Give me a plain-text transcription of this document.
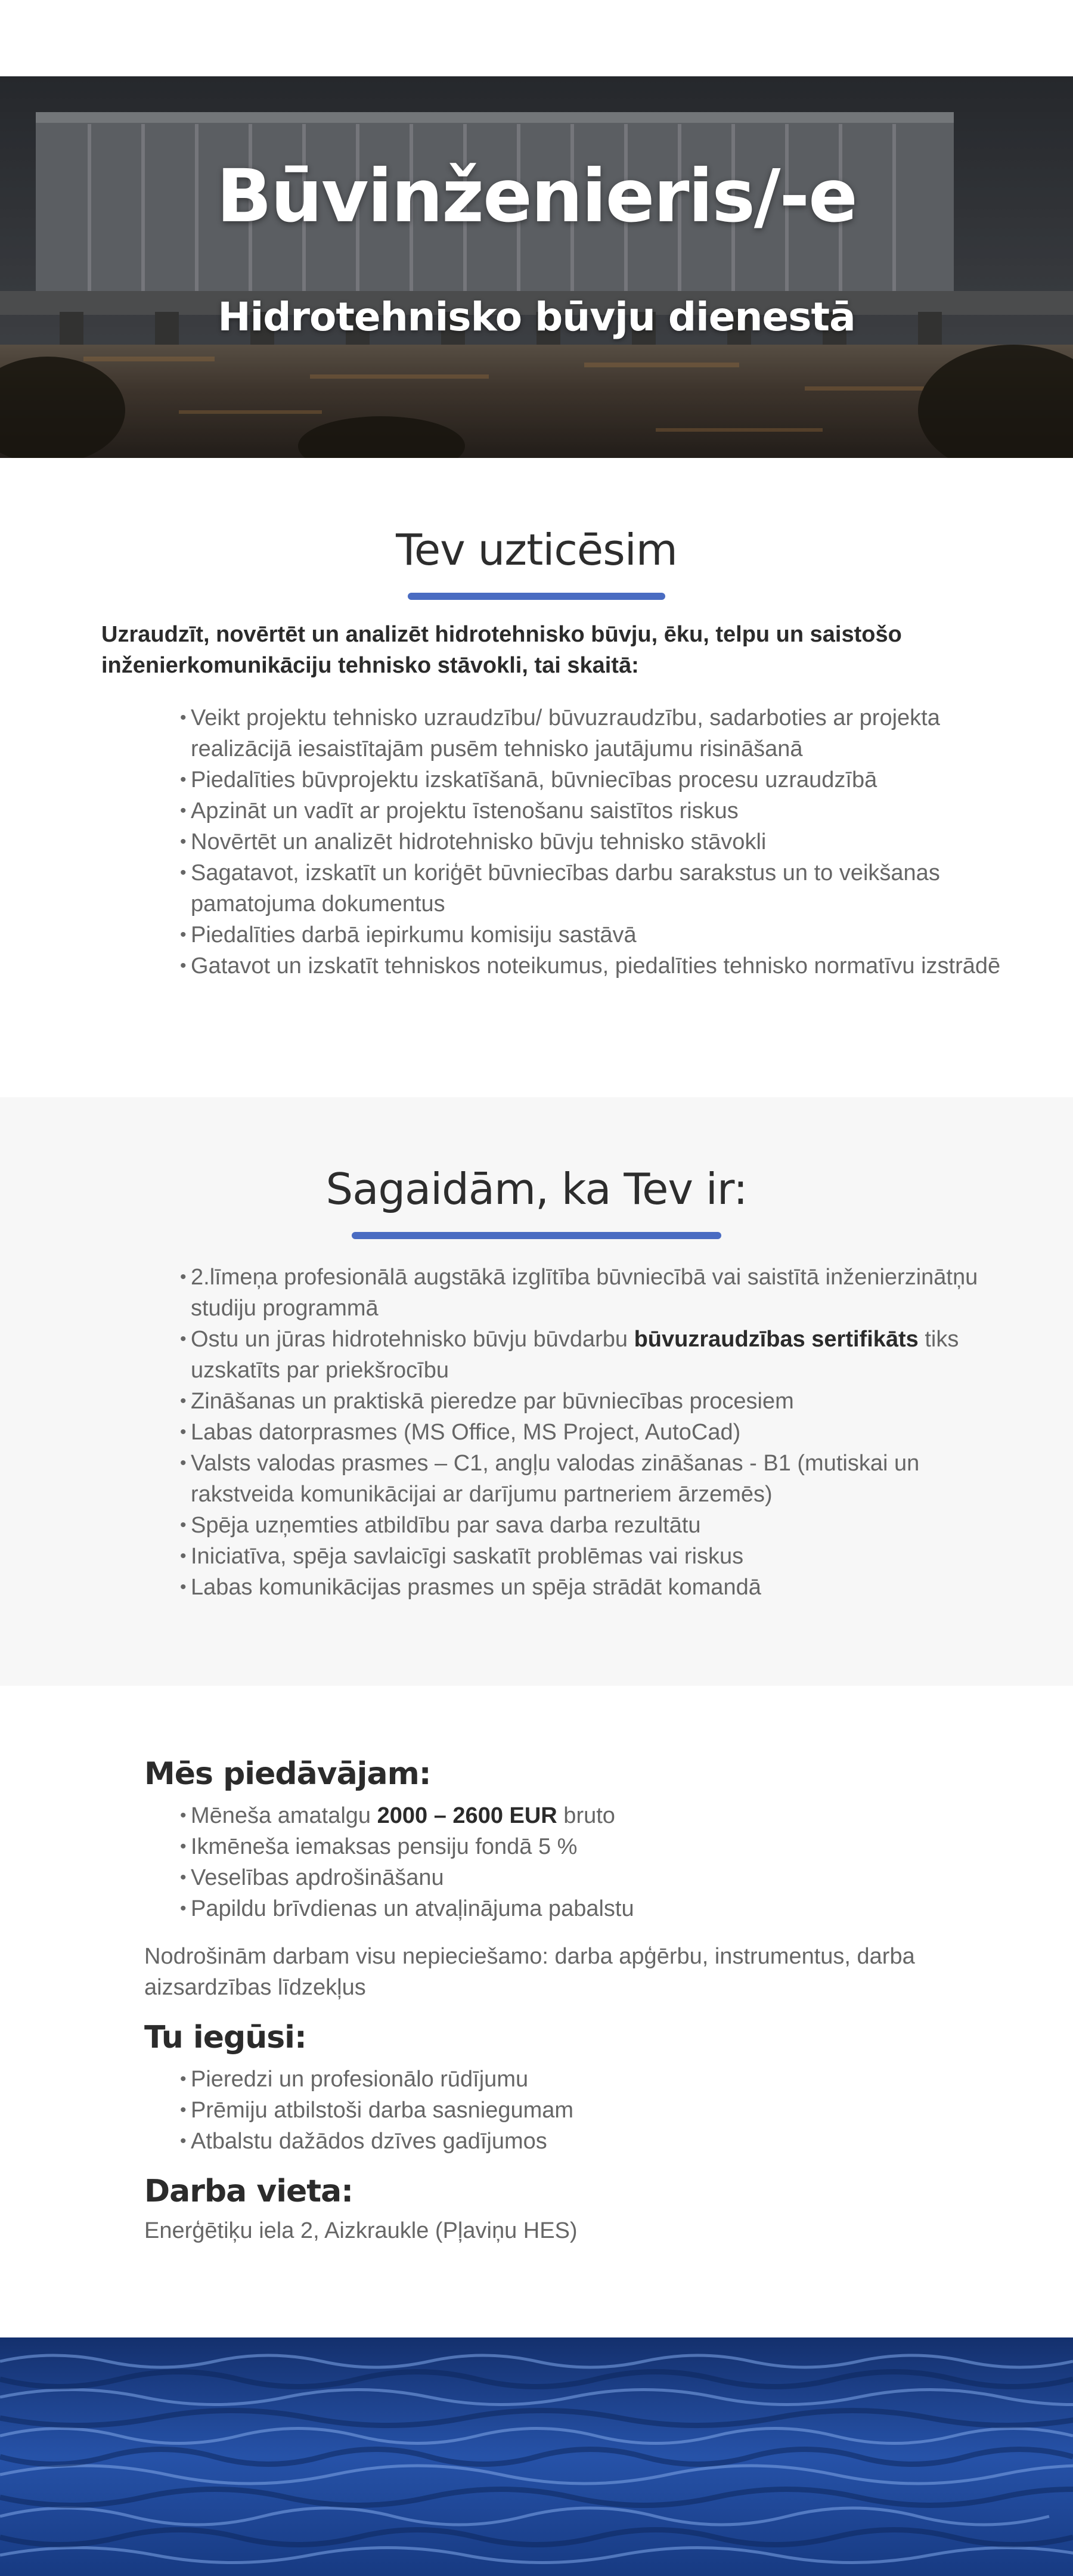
Būvinženieris/-e
Hidrotehnisko būvju dienestā
Tev uzticēsim

Uzraudzīt, novērtēt un analizēt hidrotehnisko būvju, ēku, telpu un saistošo inženierkomunikāciju tehnisko stāvokli, tai skaitā:

• Veikt projektu tehnisko uzraudzību/ būvuzraudzību, sadarboties ar projekta realizācijā iesaistītajām pusēm tehnisko jautājumu risināšanā
• Piedalīties būvprojektu izskatīšanā, būvniecības procesu uzraudzībā
• Apzināt un vadīt ar projektu īstenošanu saistītos riskus
• Novērtēt un analizēt hidrotehnisko būvju tehnisko stāvokli
• Sagatavot, izskatīt un koriģēt būvniecības darbu sarakstus un to veikšanas pamatojuma dokumentus
• Piedalīties darbā iepirkumu komisiju sastāvā
• Gatavot un izskatīt tehniskos noteikumus, piedalīties tehnisko normatīvu izstrādē
Sagaidām, ka Tev ir:
• 2.līmeņa profesionālā augstākā izglītība būvniecībā vai saistītā inženierzinātņu studiju programmā
• Ostu un jūras hidrotehnisko būvju būvdarbu būvuzraudzības sertifikāts tiks uzskatīts par priekšrocību
• Zināšanas un praktiskā pieredze par būvniecības procesiem
• Labas datorprasmes (MS Office, MS Project, AutoCad)
• Valsts valodas prasmes – C1, angļu valodas zināšanas - B1 (mutiskai un rakstveida komunikācijai ar darījumu partneriem ārzemēs)
• Spēja uzņemties atbildību par sava darba rezultātu
• Iniciatīva, spēja savlaicīgi saskatīt problēmas vai riskus
• Labas komunikācijas prasmes un spēja strādāt komandā
Mēs piedāvājam:
• Mēneša amatalgu 2000 – 2600 EUR bruto
• Ikmēneša iemaksas pensiju fondā 5 %
• Veselības apdrošināšanu
• Papildu brīvdienas un atvaļinājuma pabalstu

Nodrošinām darbam visu nepieciešamo: darba apģērbu, instrumentus, darba aizsardzības līdzekļus

Tu iegūsi:
• Pieredzi un profesionālo rūdījumu
• Prēmiju atbilstoši darba sasniegumam
• Atbalstu dažādos dzīves gadījumos
Darba vieta:

Enerģētiķu iela 2, Aizkraukle (Pļaviņu HES)
